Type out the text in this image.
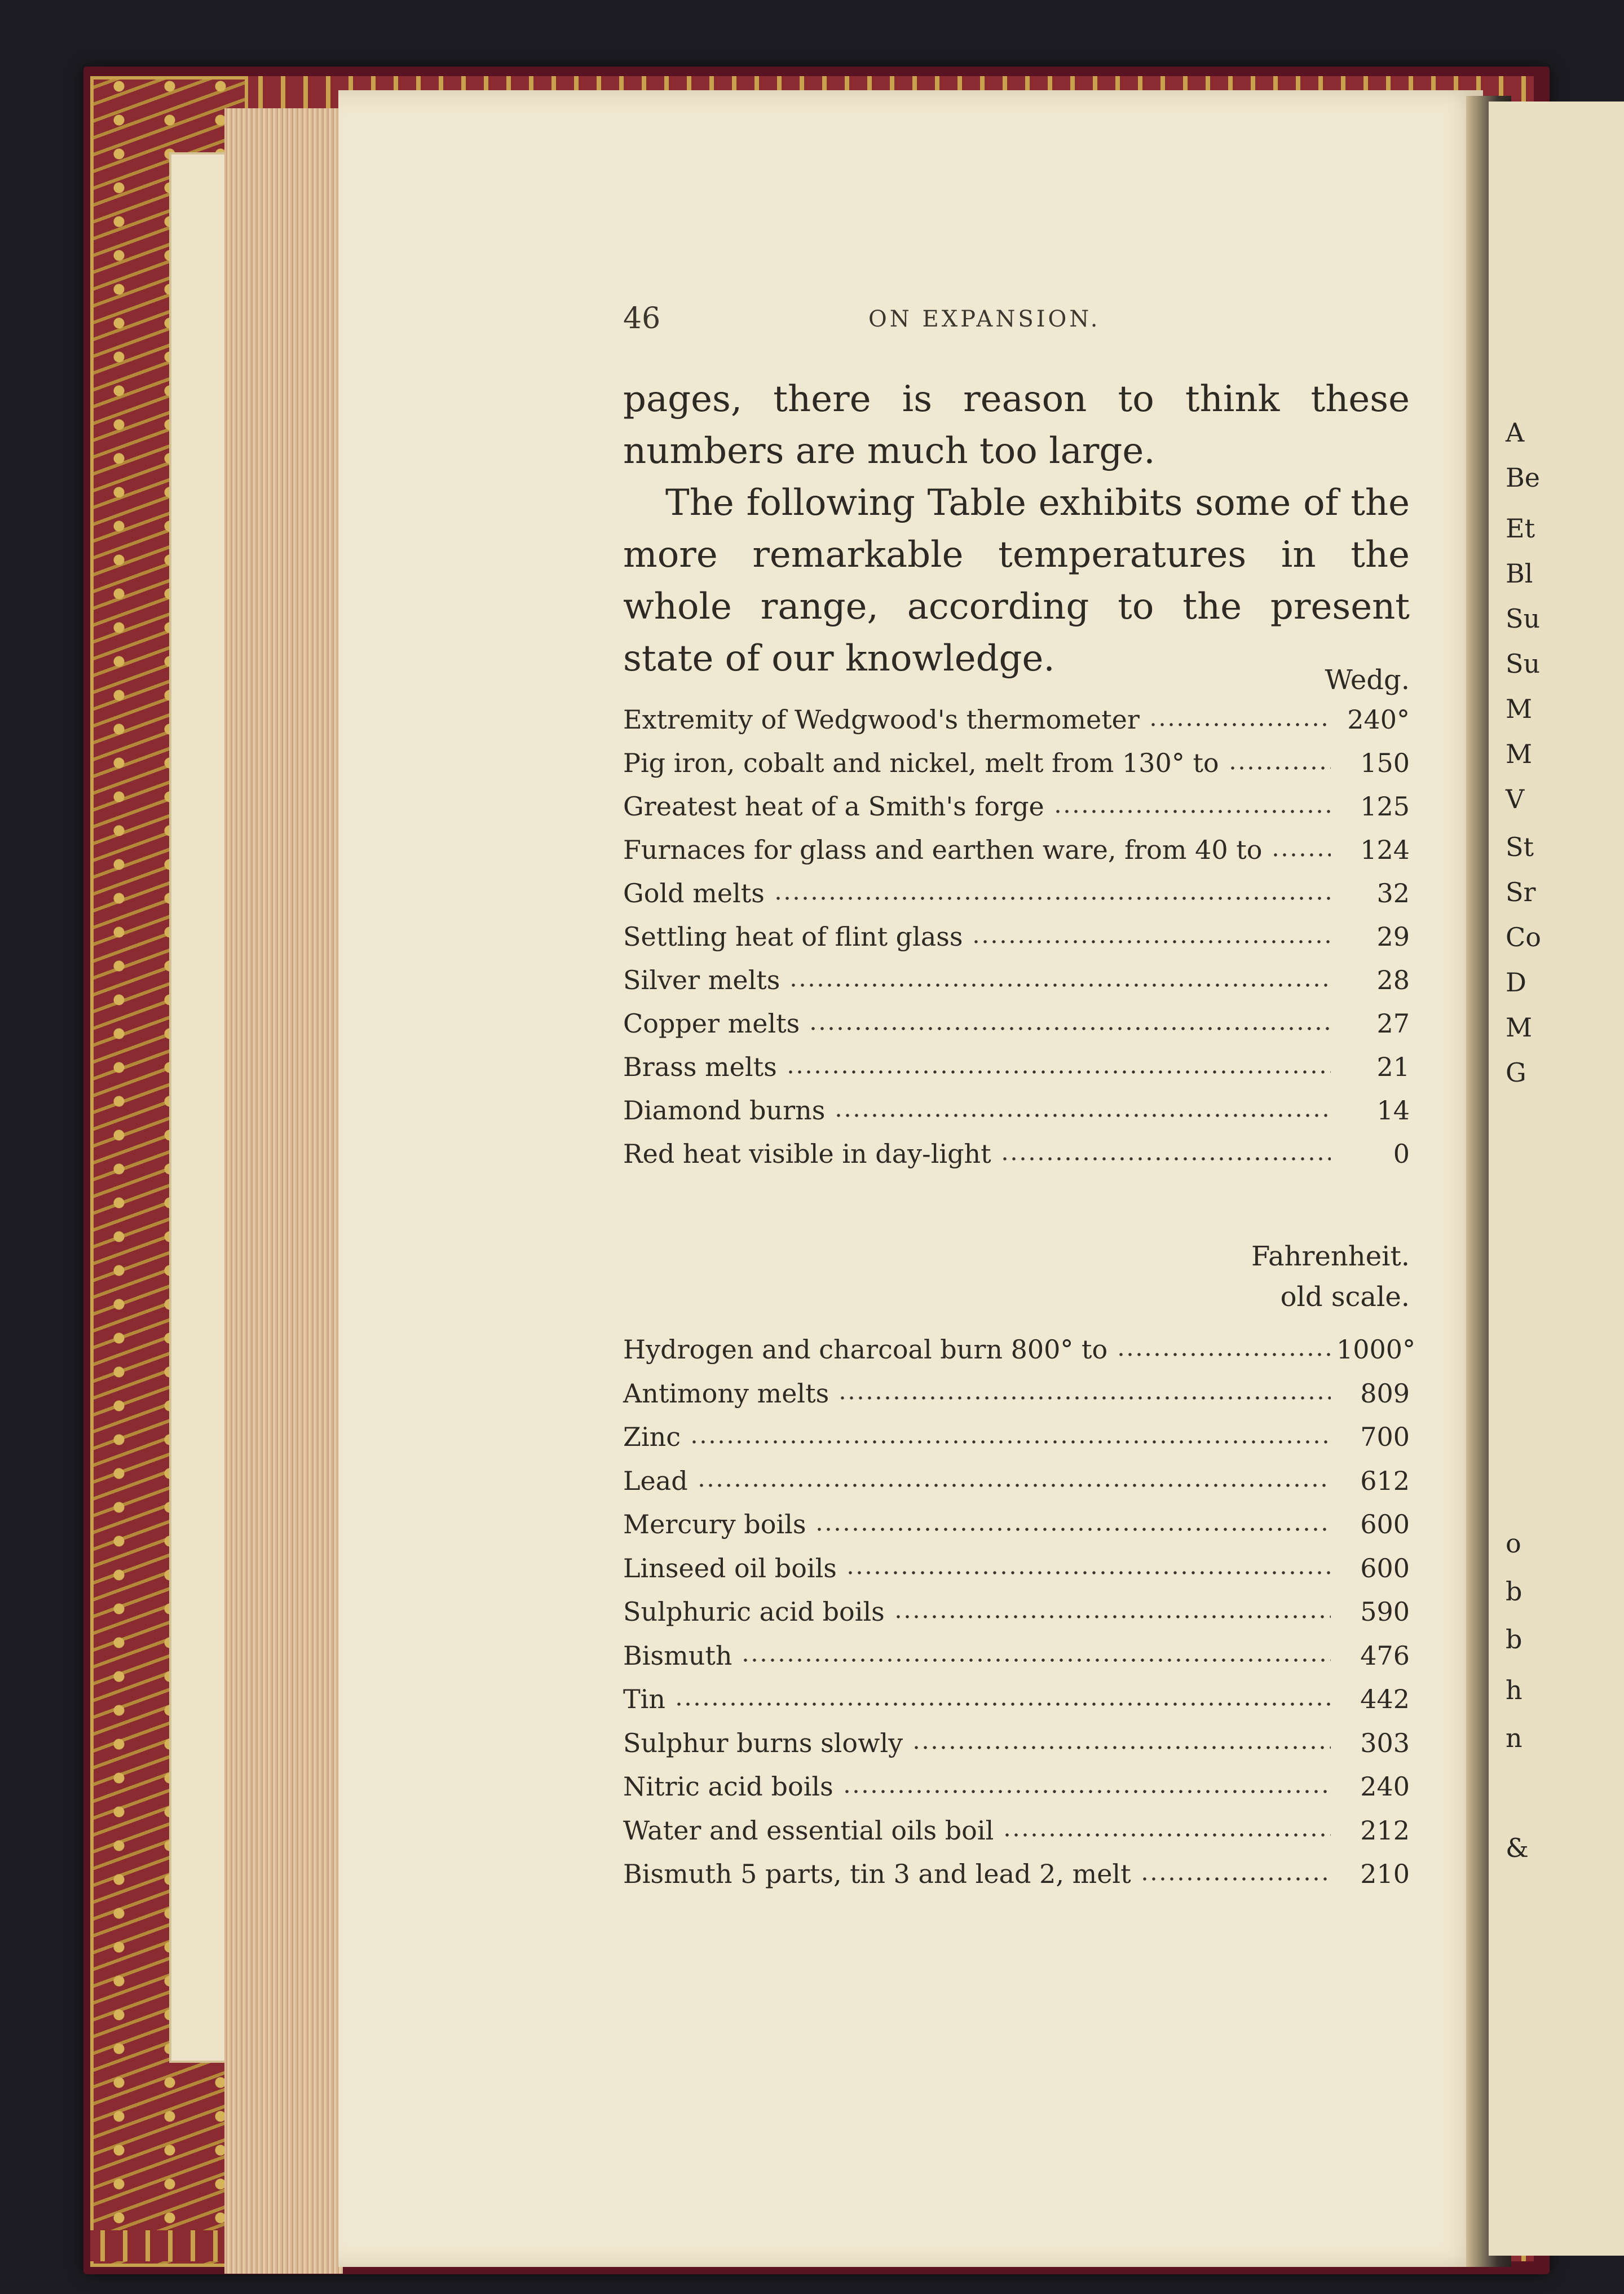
46	ON EXPANSION.

pages, there is reason to think these numbers are much too large.

The following Table exhibits some of the more remarkable temperatures in the whole range, according to the present state of our knowledge.

Wedg.
Extremity of Wedgwood's thermometer	240°
Pig iron, cobalt and nickel, melt from 130° to	150
Greatest heat of a Smith's forge	125
Furnaces for glass and earthen ware, from 40 to	124
Gold melts	32
Settling heat of flint glass	29
Silver melts	28
Copper melts	27
Brass melts	21
Diamond burns	14
Red heat visible in day-light	0
Fahrenheit.
old scale.
Hydrogen and charcoal burn 800° to	1000°
Antimony melts	809
Zinc	700
Lead	612
Mercury boils	600
Linseed oil boils	600
Sulphuric acid boils	590
Bismuth	476
Tin	442
Sulphur burns slowly	303
Nitric acid boils	240
Water and essential oils boil	212
Bismuth 5 parts, tin 3 and lead 2, melt	210
A
Be
Et
Bl
Su
Su
M
M
V
St
Sr
Co
D
M
G
o
b
b
h
n
&
